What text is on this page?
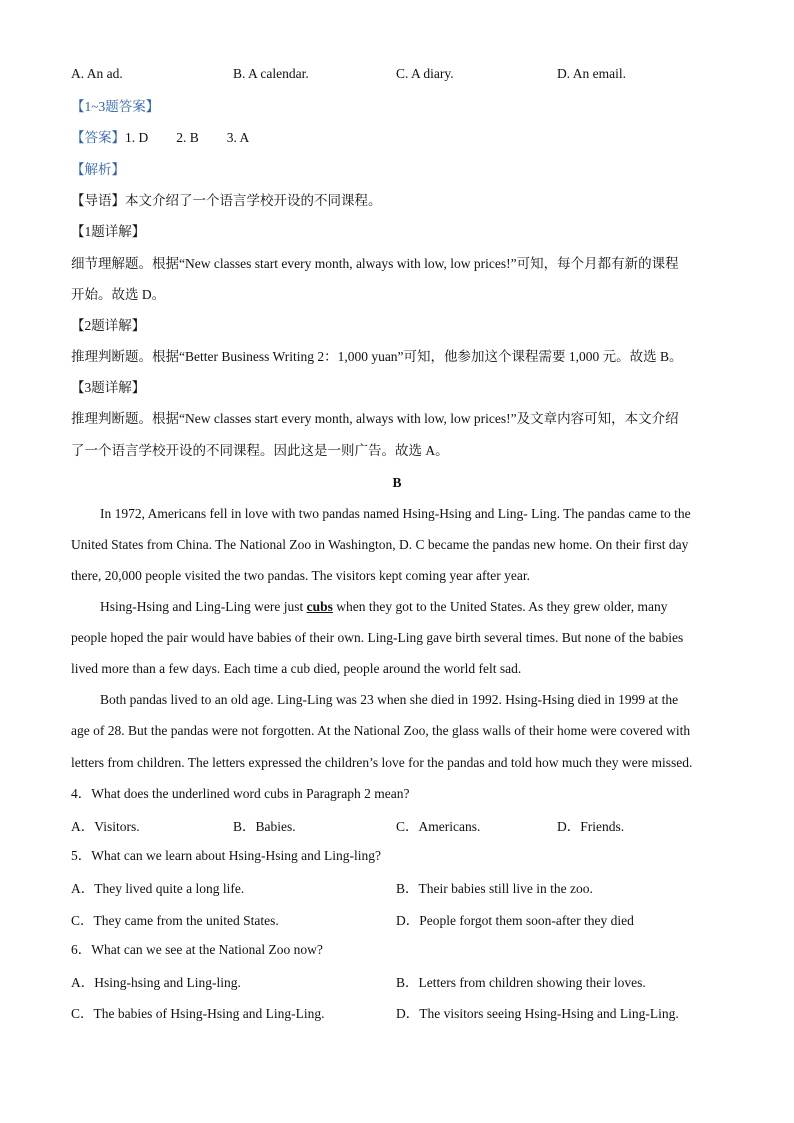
A. An ad.	B. A calendar.	C. A diary.	D. An email.
【1~3题答案】
【答案】1. D 2. B 3. A
【解析】
【导语】本文介绍了一个语言学校开设的不同课程。
【1题详解】
细节理解题。根据“New classes start every month, always with low, low prices!”可知，每个月都有新的课程
开始。故选 D。
【2题详解】
推理判断题。根据“Better Business Writing 2：1,000 yuan”可知，他参加这个课程需要 1,000 元。故选 B。
【3题详解】
推理判断题。根据“New classes start every month, always with low, low prices!”及文章内容可知，本文介绍
了一个语言学校开设的不同课程。因此这是一则广告。故选 A。
B
In 1972, Americans fell in love with two pandas named Hsing-Hsing and Ling- Ling. The pandas came to the
United States from China. The National Zoo in Washington, D. C became the pandas new home. On their first day
there, 20,000 people visited the two pandas. The visitors kept coming year after year.
Hsing-Hsing and Ling-Ling were just cubs when they got to the United States. As they grew older, many
people hoped the pair would have babies of their own. Ling-Ling gave birth several times. But none of the babies
lived more than a few days. Each time a cub died, people around the world felt sad.
Both pandas lived to an old age. Ling-Ling was 23 when she died in 1992. Hsing-Hsing died in 1999 at the
age of 28. But the pandas were not forgotten. At the National Zoo, the glass walls of their home were covered with
letters from children. The letters expressed the children’s love for the pandas and told how much they were missed.
4．What does the underlined word cubs in Paragraph 2 mean?
A．Visitors.	B．Babies.	C．Americans.	D．Friends.
5．What can we learn about Hsing-Hsing and Ling-ling?
A．They lived quite a long life.	B．Their babies still live in the zoo.
C．They came from the united States.	D．People forgot them soon-after they died
6．What can we see at the National Zoo now?
A．Hsing-hsing and Ling-ling.	B．Letters from children showing their loves.
C．The babies of Hsing-Hsing and Ling-Ling.	D．The visitors seeing Hsing-Hsing and Ling-Ling.
